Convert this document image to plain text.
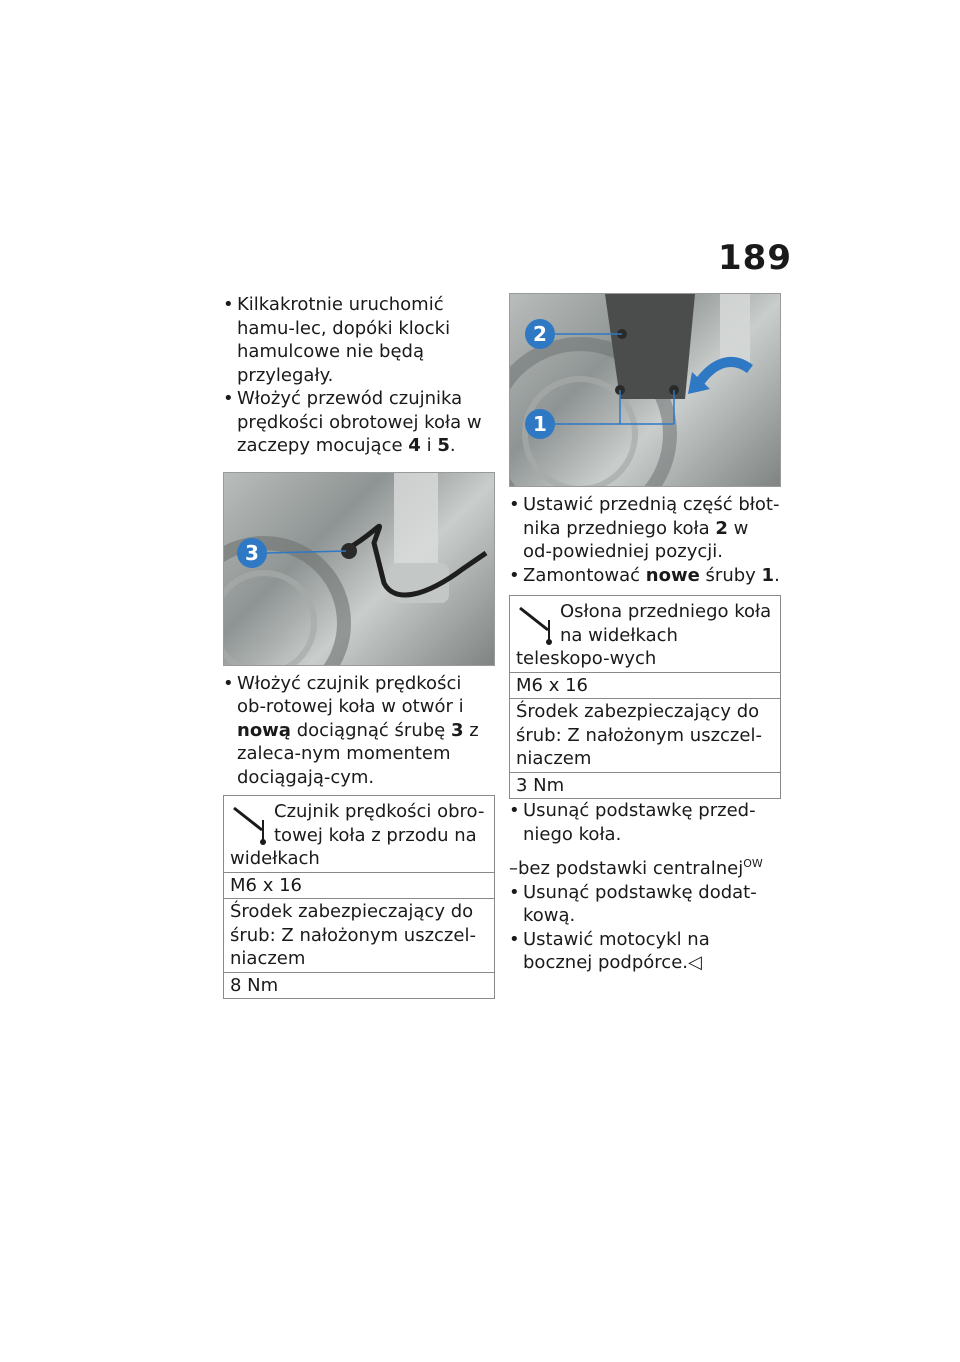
189
• Kilkakrotnie uruchomić hamu-lec, dopóki klocki hamulcowe nie będą przylegały.
• Włożyć przewód czujnika prędkości obrotowej koła w zaczepy mocujące 4 i 5.
3
• Włożyć czujnik prędkości ob-rotowej koła w otwór i nową dociągnąć śrubę 3 z zaleca-nym momentem dociągają-cym.
Czujnik prędkości obro-towej koła z przodu na widełkach
M6 x 16
Środek zabezpieczający do śrub: Z nałożonym uszczel-niaczem
8 Nm
2
1
• Ustawić przednią część błot-nika przedniego koła 2 w od-powiedniej pozycji.
• Zamontować nowe śruby 1.
Osłona przedniego koła na widełkach teleskopo-wych
M6 x 16
Środek zabezpieczający do śrub: Z nałożonym uszczel-niaczem
3 Nm
• Usunąć podstawkę przed-niego koła.
–bez podstawki centralnej$^{OW}$
• Usunąć podstawkę dodat-kową.
• Ustawić motocykl na bocznej podpórce.◁
